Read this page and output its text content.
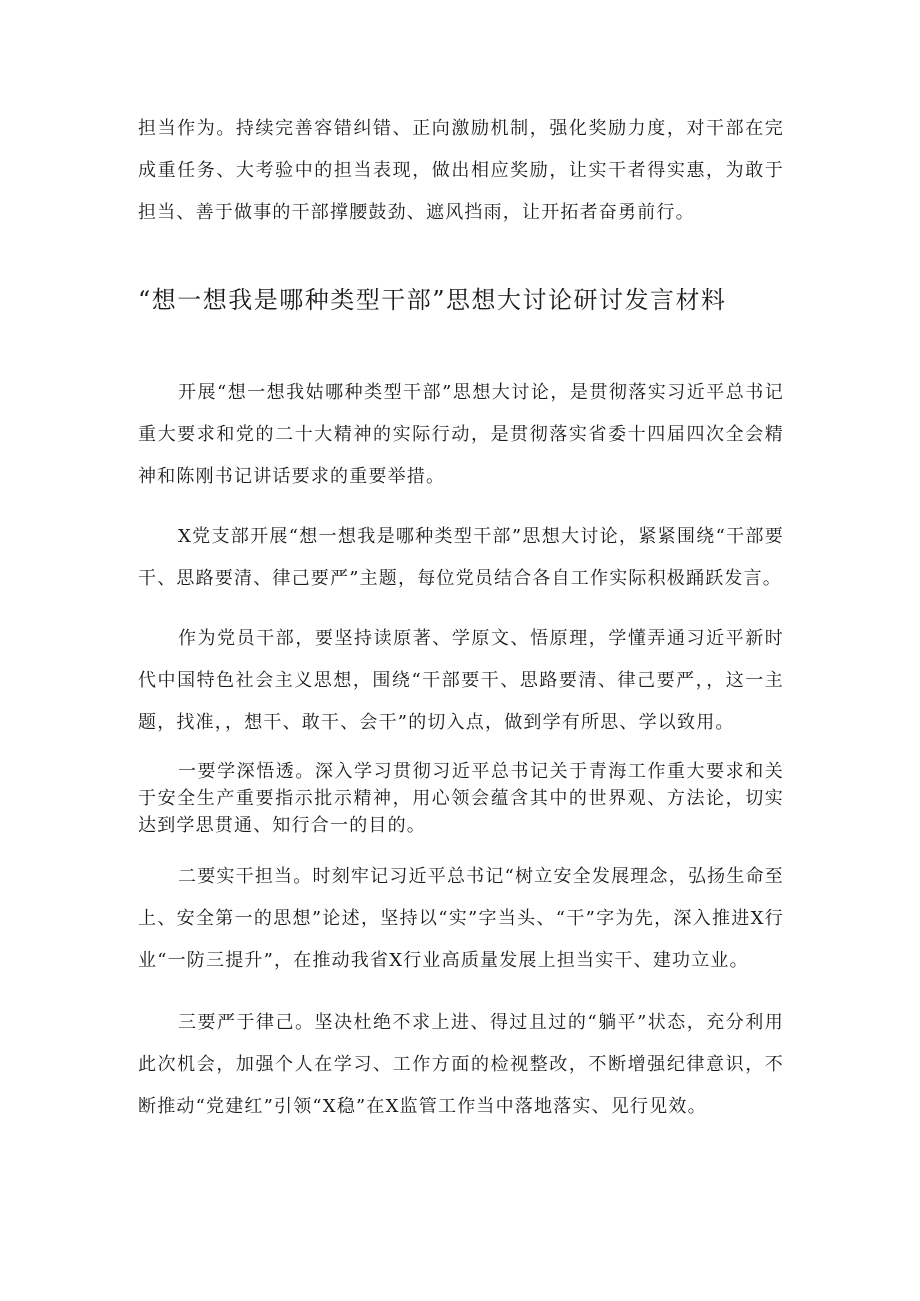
担当作为。持续完善容错纠错、正向激励机制，强化奖励力度，对干部在完成重任务、大考验中的担当表现，做出相应奖励，让实干者得实惠，为敢于担当、善于做事的干部撑腰鼓劲、遮风挡雨，让开拓者奋勇前行。

“想一想我是哪种类型干部”思想大讨论研讨发言材料

开展“想一想我姑哪种类型干部”思想大讨论，是贯彻落实习近平总书记重大要求和党的二十大精神的实际行动，是贯彻落实省委十四届四次全会精神和陈刚书记讲话要求的重要举措。

X党支部开展“想一想我是哪种类型干部”思想大讨论，紧紧围绕“干部要干、思路要清、律己要严”主题，每位党员结合各自工作实际积极踊跃发言。

作为党员干部，要坚持读原著、学原文、悟原理，学懂弄通习近平新时代中国特色社会主义思想，围绕“干部要干、思路要清、律己要严，，这一主题，找准，，想干、敢干、会干”的切入点，做到学有所思、学以致用。

一要学深悟透。深入学习贯彻习近平总书记关于青海工作重大要求和关于安全生产重要指示批示精神，用心领会蕴含其中的世界观、方法论，切实达到学思贯通、知行合一的目的。

二要实干担当。时刻牢记习近平总书记“树立安全发展理念，弘扬生命至上、安全第一的思想”论述，坚持以“实”字当头、“干”字为先，深入推进X行业“一防三提升”，在推动我省X行业高质量发展上担当实干、建功立业。

三要严于律己。坚决杜绝不求上进、得过且过的“躺平”状态，充分利用此次机会，加强个人在学习、工作方面的检视整改，不断增强纪律意识，不断推动“党建红”引领“X稳”在X监管工作当中落地落实、见行见效。
